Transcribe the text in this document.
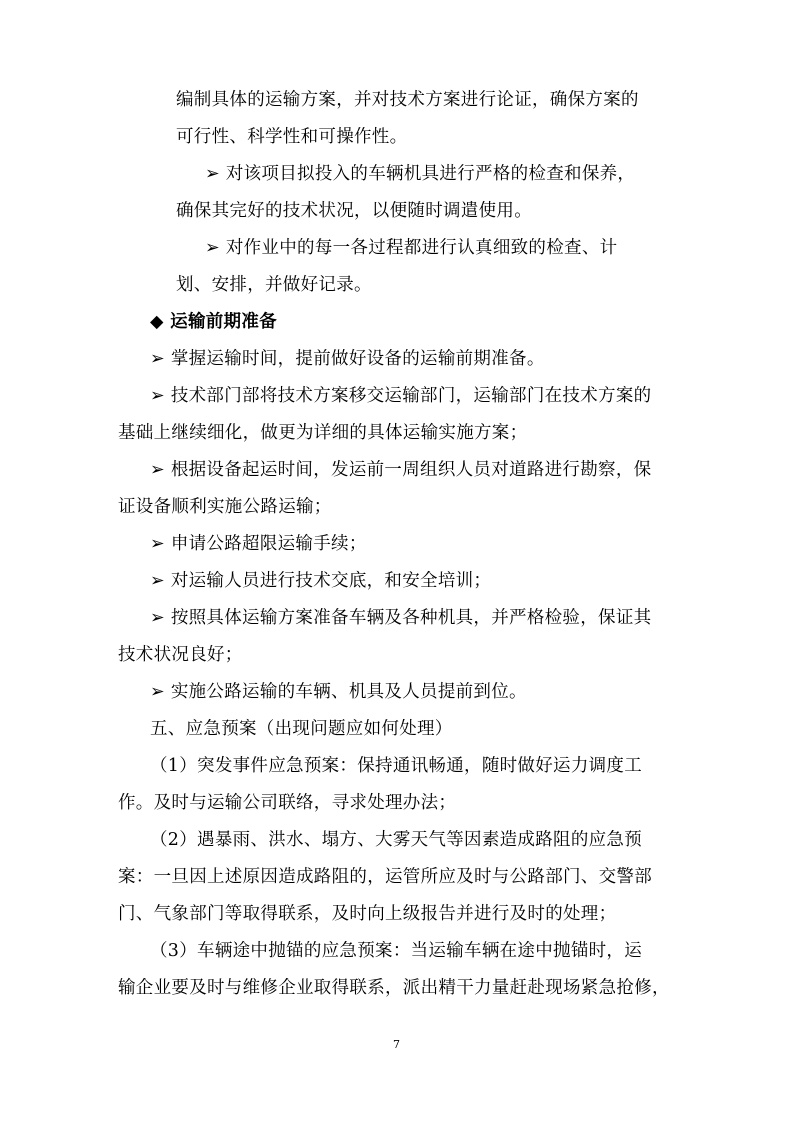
编制具体的运输方案，并对技术方案进行论证，确保方案的
可行性、科学性和可操作性。
➢ 对该项目拟投入的车辆机具进行严格的检查和保养，
确保其完好的技术状况，以便随时调遣使用。
➢ 对作业中的每一各过程都进行认真细致的检查、计
划、安排，并做好记录。
◆ 运输前期准备
➢ 掌握运输时间，提前做好设备的运输前期准备。
➢ 技术部门部将技术方案移交运输部门，运输部门在技术方案的
基础上继续细化，做更为详细的具体运输实施方案；
➢ 根据设备起运时间，发运前一周组织人员对道路进行勘察，保
证设备顺利实施公路运输；
➢ 申请公路超限运输手续；
➢ 对运输人员进行技术交底，和安全培训；
➢ 按照具体运输方案准备车辆及各种机具，并严格检验，保证其
技术状况良好；
➢ 实施公路运输的车辆、机具及人员提前到位。
五、应急预案（出现问题应如何处理）
（1）突发事件应急预案：保持通讯畅通，随时做好运力调度工
作。及时与运输公司联络，寻求处理办法；
（2）遇暴雨、洪水、塌方、大雾天气等因素造成路阻的应急预
案：一旦因上述原因造成路阻的，运管所应及时与公路部门、交警部
门、气象部门等取得联系，及时向上级报告并进行及时的处理；
（3）车辆途中抛锚的应急预案：当运输车辆在途中抛锚时，运
输企业要及时与维修企业取得联系，派出精干力量赶赴现场紧急抢修，
7
